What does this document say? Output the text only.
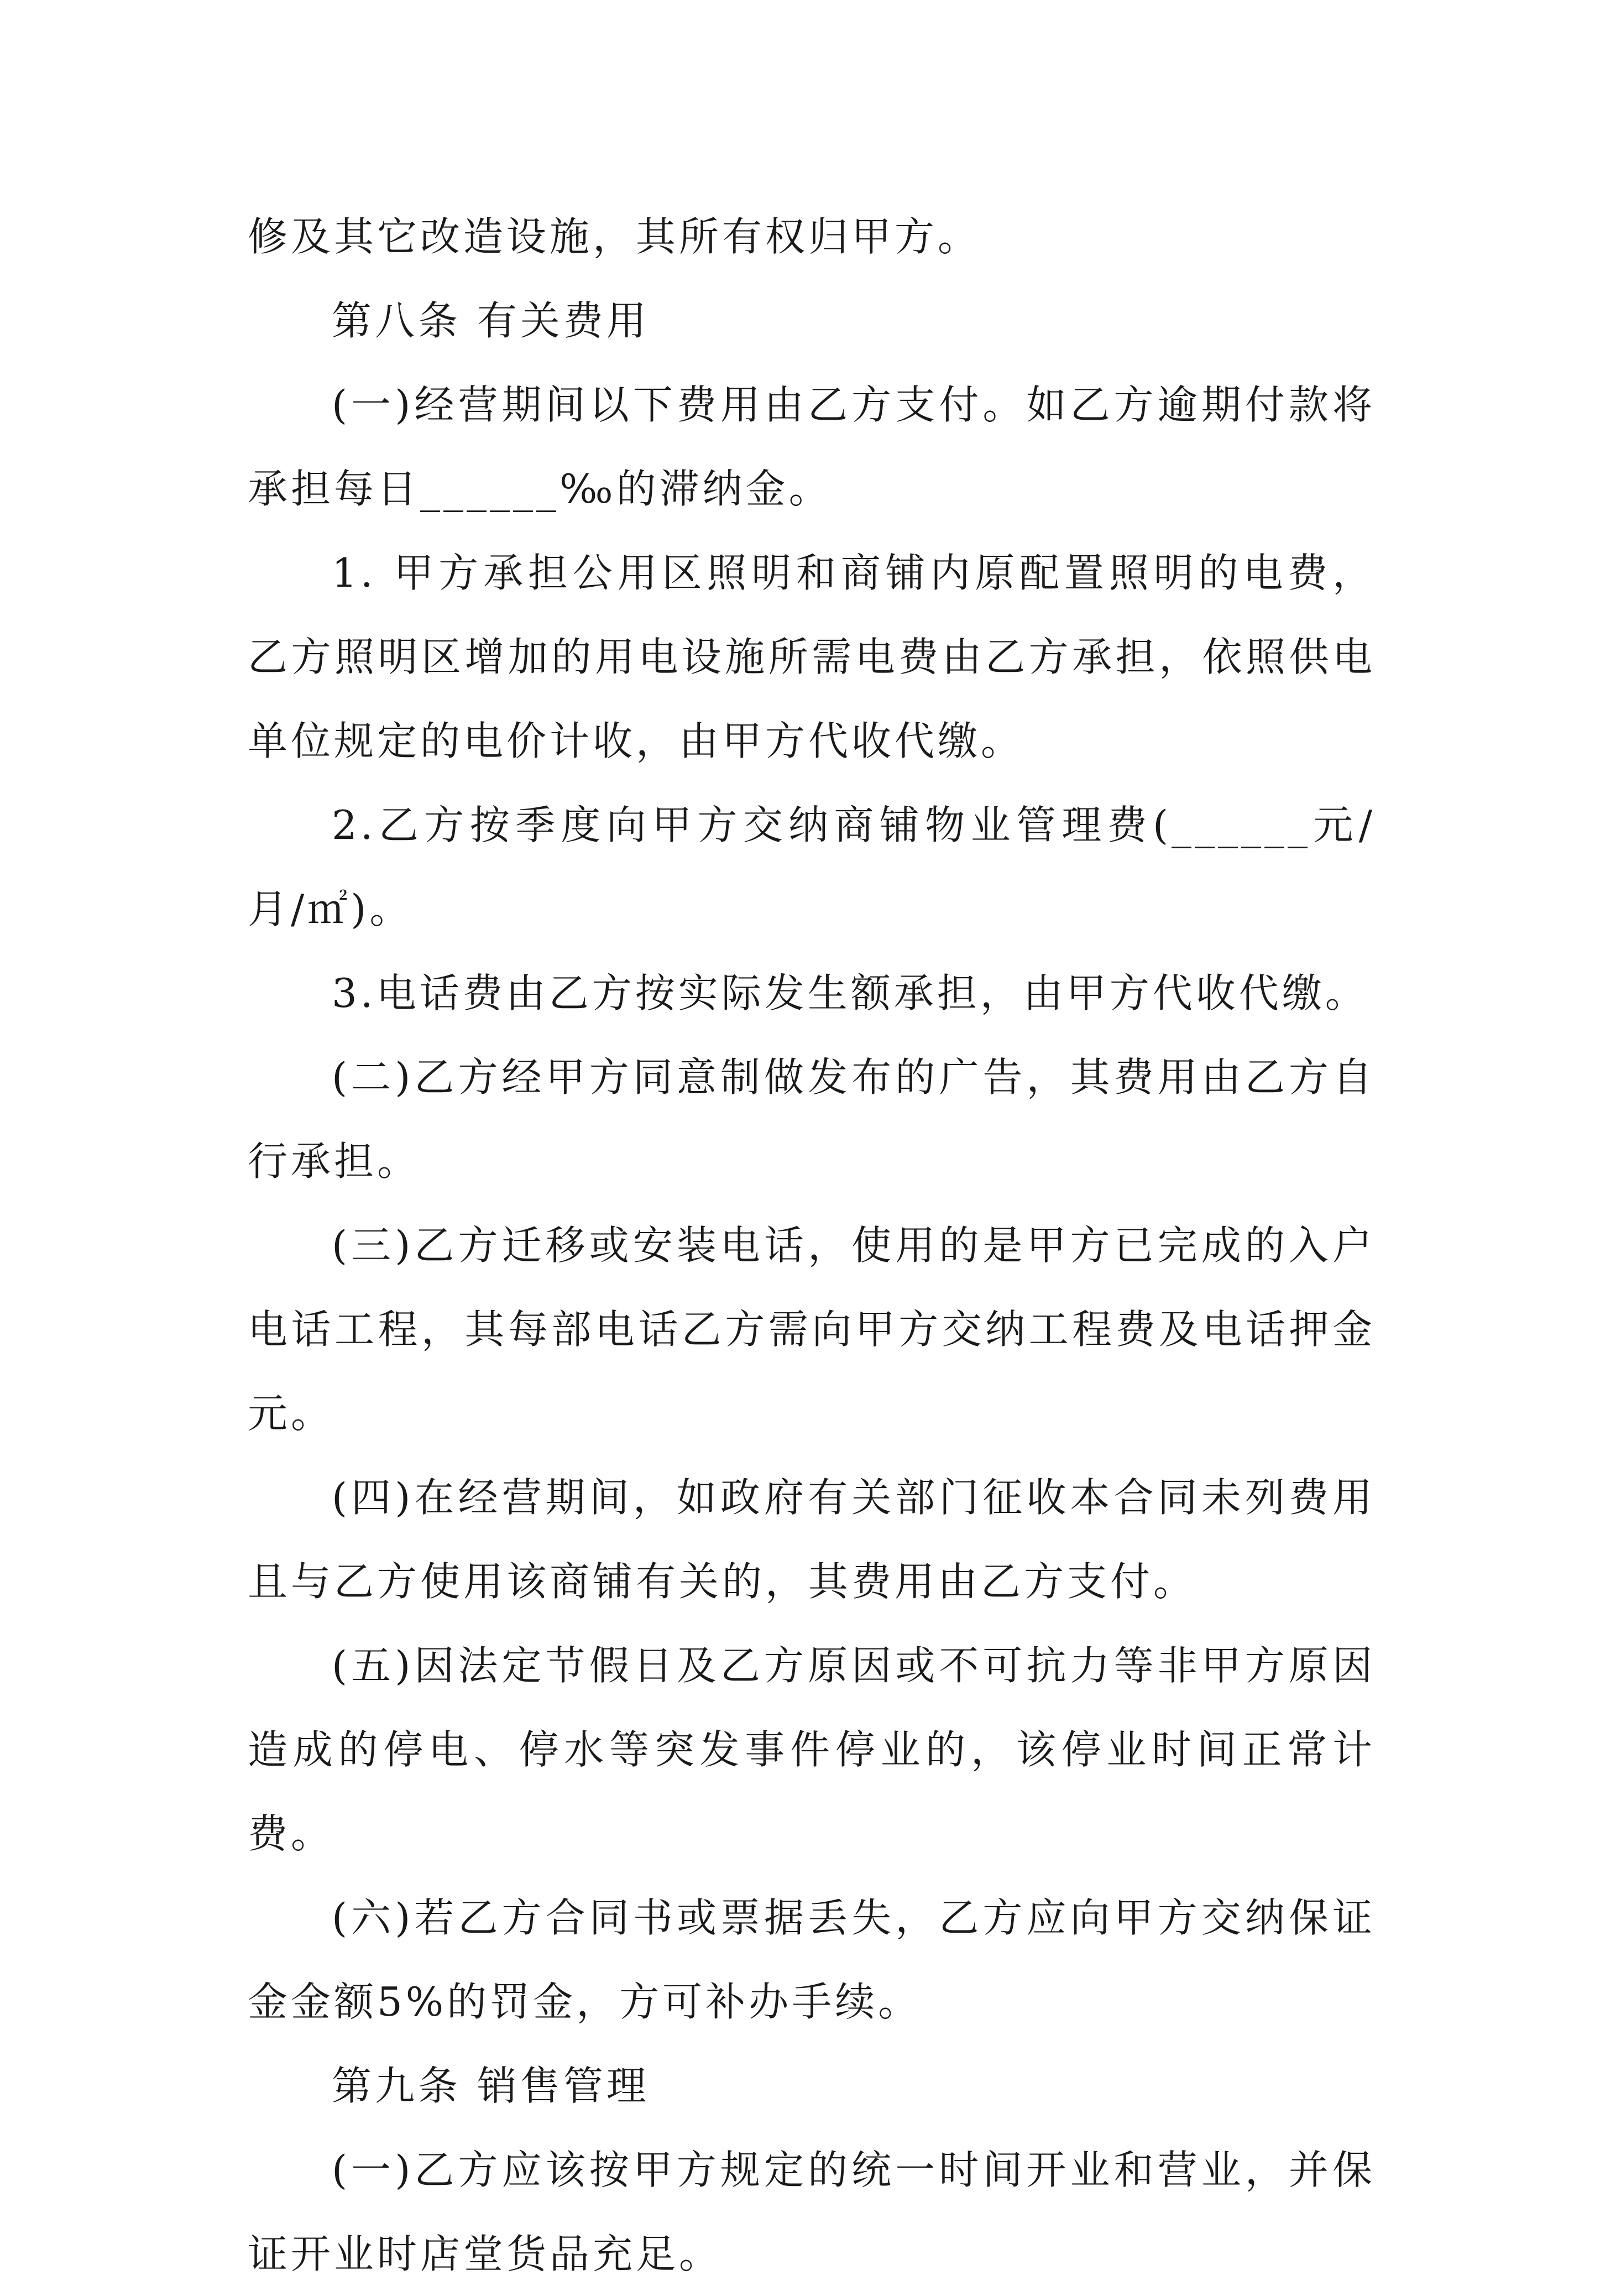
修及其它改造设施，其所有权归甲方。

第八条 有关费用

(一)经营期间以下费用由乙方支付。如乙方逾期付款将承担每日______‰的滞纳金。

1. 甲方承担公用区照明和商铺内原配置照明的电费，乙方照明区增加的用电设施所需电费由乙方承担，依照供电单位规定的电价计收，由甲方代收代缴。

2.乙方按季度向甲方交纳商铺物业管理费(______元/月/㎡)。

3.电话费由乙方按实际发生额承担，由甲方代收代缴。

(二)乙方经甲方同意制做发布的广告，其费用由乙方自行承担。

(三)乙方迁移或安装电话，使用的是甲方已完成的入户电话工程，其每部电话乙方需向甲方交纳工程费及电话押金元。

(四)在经营期间，如政府有关部门征收本合同未列费用且与乙方使用该商铺有关的，其费用由乙方支付。

(五)因法定节假日及乙方原因或不可抗力等非甲方原因造成的停电、停水等突发事件停业的，该停业时间正常计费。

(六)若乙方合同书或票据丢失，乙方应向甲方交纳保证金金额5%的罚金，方可补办手续。

第九条 销售管理

(一)乙方应该按甲方规定的统一时间开业和营业，并保证开业时店堂货品充足。
